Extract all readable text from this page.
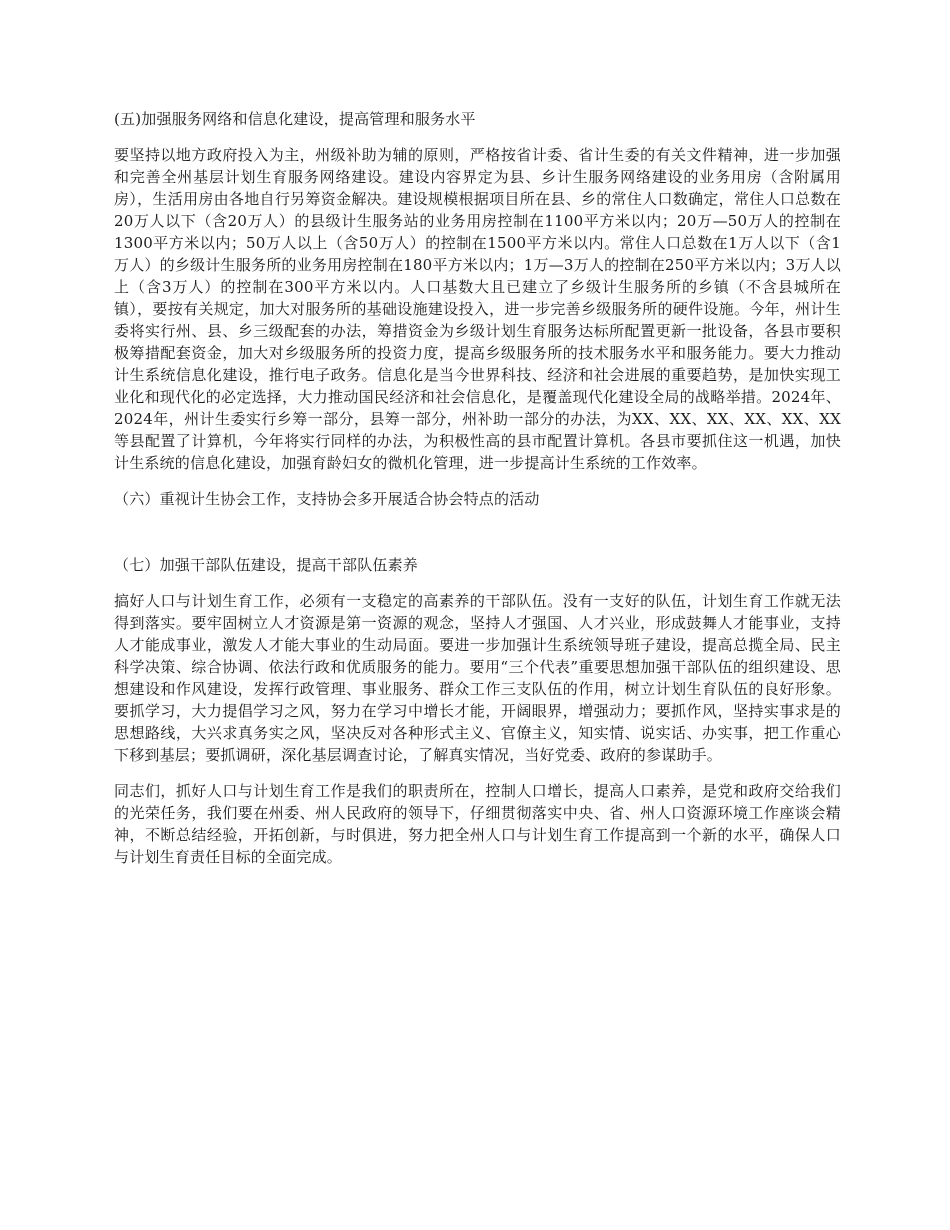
(五)加强服务网络和信息化建设，提高管理和服务水平

要坚持以地方政府投入为主，州级补助为辅的原则，严格按省计委、省计生委的有关文件精神，进一步加强和完善全州基层计划生育服务网络建设。建设内容界定为县、乡计生服务网络建设的业务用房（含附属用房），生活用房由各地自行另筹资金解决。建设规模根据项目所在县、乡的常住人口数确定，常住人口总数在20万人以下（含20万人）的县级计生服务站的业务用房控制在1100平方米以内；20万—50万人的控制在1300平方米以内；50万人以上（含50万人）的控制在1500平方米以内。常住人口总数在1万人以下（含1万人）的乡级计生服务所的业务用房控制在180平方米以内；1万—3万人的控制在250平方米以内；3万人以上（含3万人）的控制在300平方米以内。人口基数大且已建立了乡级计生服务所的乡镇（不含县城所在镇），要按有关规定，加大对服务所的基础设施建设投入，进一步完善乡级服务所的硬件设施。今年，州计生委将实行州、县、乡三级配套的办法，筹措资金为乡级计划生育服务达标所配置更新一批设备，各县市要积极筹措配套资金，加大对乡级服务所的投资力度，提高乡级服务所的技术服务水平和服务能力。要大力推动计生系统信息化建设，推行电子政务。信息化是当今世界科技、经济和社会进展的重要趋势，是加快实现工业化和现代化的必定选择，大力推动国民经济和社会信息化，是覆盖现代化建设全局的战略举措。2024年、2024年，州计生委实行乡筹一部分，县筹一部分，州补助一部分的办法，为XX、XX、XX、XX、XX、XX等县配置了计算机，今年将实行同样的办法，为积极性高的县市配置计算机。各县市要抓住这一机遇，加快计生系统的信息化建设，加强育龄妇女的微机化管理，进一步提高计生系统的工作效率。

（六）重视计生协会工作，支持协会多开展适合协会特点的活动

（七）加强干部队伍建设，提高干部队伍素养

搞好人口与计划生育工作，必须有一支稳定的高素养的干部队伍。没有一支好的队伍，计划生育工作就无法得到落实。要牢固树立人才资源是第一资源的观念，坚持人才强国、人才兴业，形成鼓舞人才能事业，支持人才能成事业，激发人才能大事业的生动局面。要进一步加强计生系统领导班子建设，提高总揽全局、民主科学决策、综合协调、依法行政和优质服务的能力。要用“三个代表”重要思想加强干部队伍的组织建设、思想建设和作风建设，发挥行政管理、事业服务、群众工作三支队伍的作用，树立计划生育队伍的良好形象。要抓学习，大力提倡学习之风，努力在学习中增长才能，开阔眼界，增强动力；要抓作风，坚持实事求是的思想路线，大兴求真务实之风，坚决反对各种形式主义、官僚主义，知实情、说实话、办实事，把工作重心下移到基层；要抓调研，深化基层调查讨论，了解真实情况，当好党委、政府的参谋助手。

同志们，抓好人口与计划生育工作是我们的职责所在，控制人口增长，提高人口素养，是党和政府交给我们的光荣任务，我们要在州委、州人民政府的领导下，仔细贯彻落实中央、省、州人口资源环境工作座谈会精神，不断总结经验，开拓创新，与时俱进，努力把全州人口与计划生育工作提高到一个新的水平，确保人口与计划生育责任目标的全面完成。
